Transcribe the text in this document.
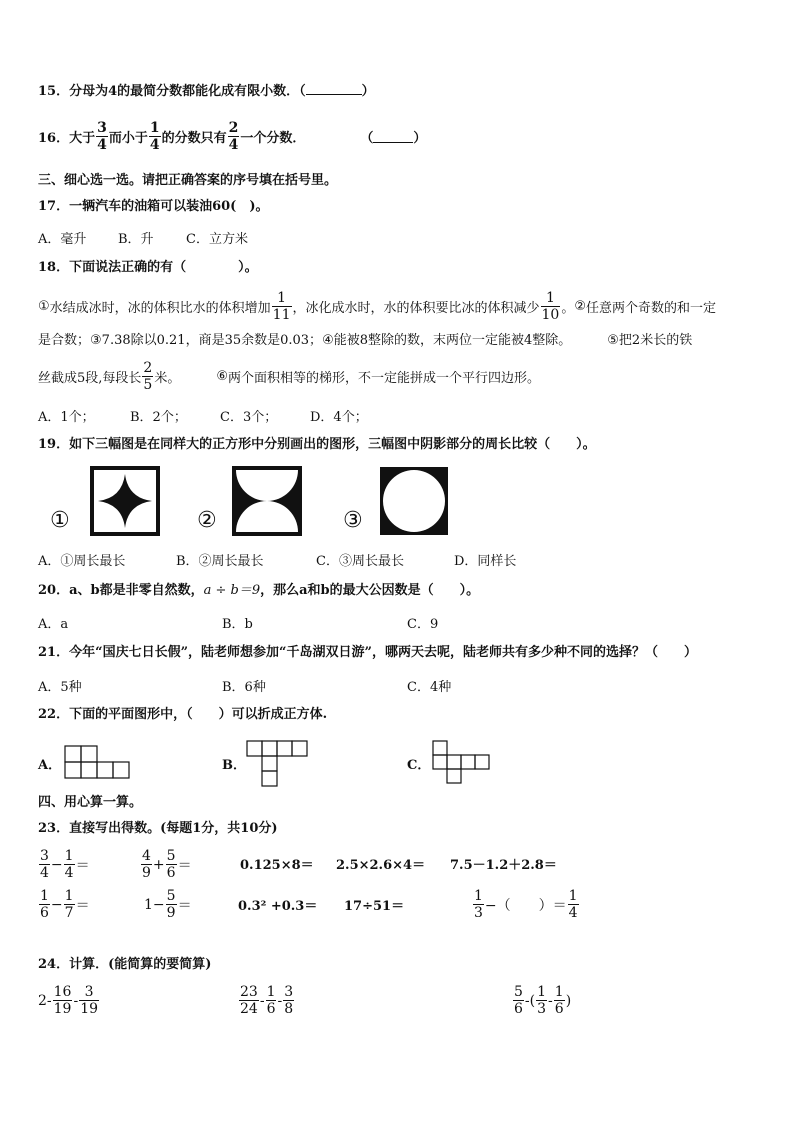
15．分母为4的最简分数都能化成有限小数．（	）
16． 大于 $\frac{3}{4}$ 而小于 $\frac{1}{4}$ 的分数只有 $\frac{2}{4}$ 一个分数．	（	）
三、细心选一选。请把正确答案的序号填在括号里。
17．一辆汽车的油箱可以装油60(　)。
A．毫升 B．升 C．立方米
18．下面说法正确的有（　　　　）。
① 水结成冰时，冰的体积比水的体积增加 $\frac{1}{11}$ ，冰化成水时，水的体积要比冰的体积减少 $\frac{1}{10}$ 。 ② 任意两个奇数的和一定
是合数；③7.38除以0.21，商是35余数是0.03；④能被8整除的数，末两位一定能被4整除。	⑤把2米长的铁
丝截成5段,每段长 $\frac{2}{5}$ 米。	⑥ 两个面积相等的梯形，不一定能拼成一个平行四边形。
A．1个；	B．2个；	C．3个；	D．4个；
19．如下三幅图是在同样大的正方形中分别画出的图形，三幅图中阴影部分的周长比较（　　）。
①	②	③
A．①周长最长	B．②周长最长	C．③周长最长	D．同样长
20．a、b都是非零自然数，a ÷ b＝9，那么a和b的最大公因数是（　　）。
A．a	B．b	C．9
21．今年“国庆七日长假”，陆老师想参加“千岛湖双日游”，哪两天去呢，陆老师共有多少种不同的选择？（　　）
A．5种	B．6种	C．4种
22．下面的平面图形中，（　　）可以折成正方体.
A．	B．	C．
四、用心算一算。
23．直接写出得数。(每题1分，共10分)
$\frac{3}{4} - \frac{1}{4}$ ＝	$\frac{4}{9} + \frac{5}{6}$ ＝	0.125×8＝ 2.5×2.6×4＝ 7.5－1.2＋2.8＝
$\frac{1}{6} - \frac{1}{7}$ ＝	$1- \frac{5}{9}$ ＝	0.3² +0.3＝ 17÷51＝	$\frac{1}{3}$ −（　　）＝ $\frac{1}{4}$
24．计算．(能简算的要简算)
$2- \frac{16}{19} - \frac{3}{19}$	$\frac{23}{24} - \frac{1}{6} - \frac{3}{8}$	$\frac{5}{6}$ -( $\frac{1}{3} - \frac{1}{6}$ )
